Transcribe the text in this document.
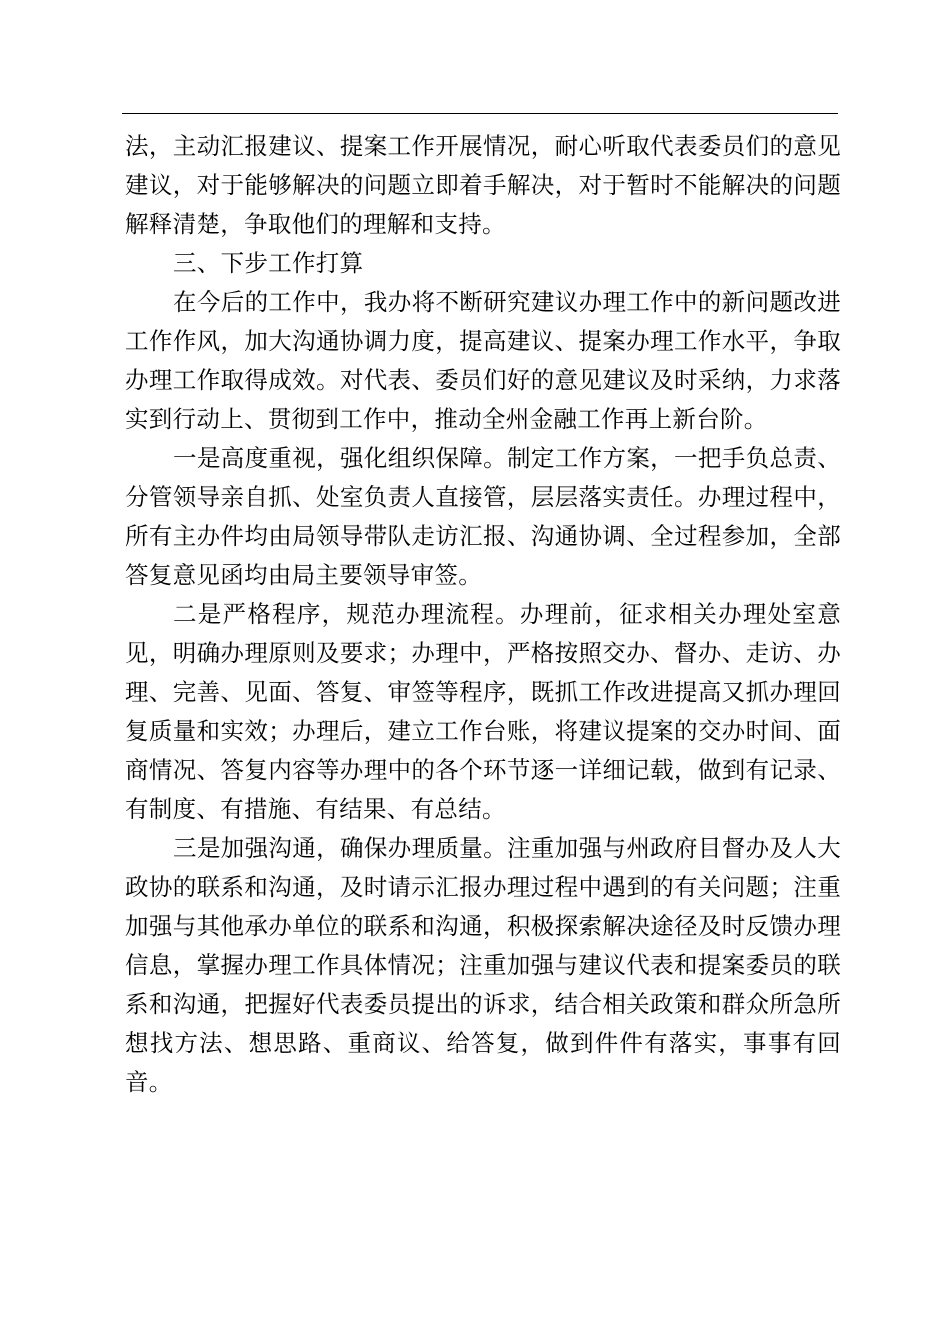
法，主动汇报建议、提案工作开展情况，耐心听取代表委员们的意见建议，对于能够解决的问题立即着手解决，对于暂时不能解决的问题解释清楚，争取他们的理解和支持。

三、下步工作打算

在今后的工作中，我办将不断研究建议办理工作中的新问题改进工作作风，加大沟通协调力度，提高建议、提案办理工作水平，争取办理工作取得成效。对代表、委员们好的意见建议及时采纳，力求落实到行动上、贯彻到工作中，推动全州金融工作再上新台阶。

一是高度重视，强化组织保障。制定工作方案，一把手负总责、分管领导亲自抓、处室负责人直接管，层层落实责任。办理过程中，所有主办件均由局领导带队走访汇报、沟通协调、全过程参加，全部答复意见函均由局主要领导审签。

二是严格程序，规范办理流程。办理前，征求相关办理处室意见，明确办理原则及要求；办理中，严格按照交办、督办、走访、办理、完善、见面、答复、审签等程序，既抓工作改进提高又抓办理回复质量和实效；办理后，建立工作台账，将建议提案的交办时间、面商情况、答复内容等办理中的各个环节逐一详细记载，做到有记录、有制度、有措施、有结果、有总结。

三是加强沟通，确保办理质量。注重加强与州政府目督办及人大政协的联系和沟通，及时请示汇报办理过程中遇到的有关问题；注重加强与其他承办单位的联系和沟通，积极探索解决途径及时反馈办理信息，掌握办理工作具体情况；注重加强与建议代表和提案委员的联系和沟通，把握好代表委员提出的诉求，结合相关政策和群众所急所想找方法、想思路、重商议、给答复，做到件件有落实，事事有回音。
